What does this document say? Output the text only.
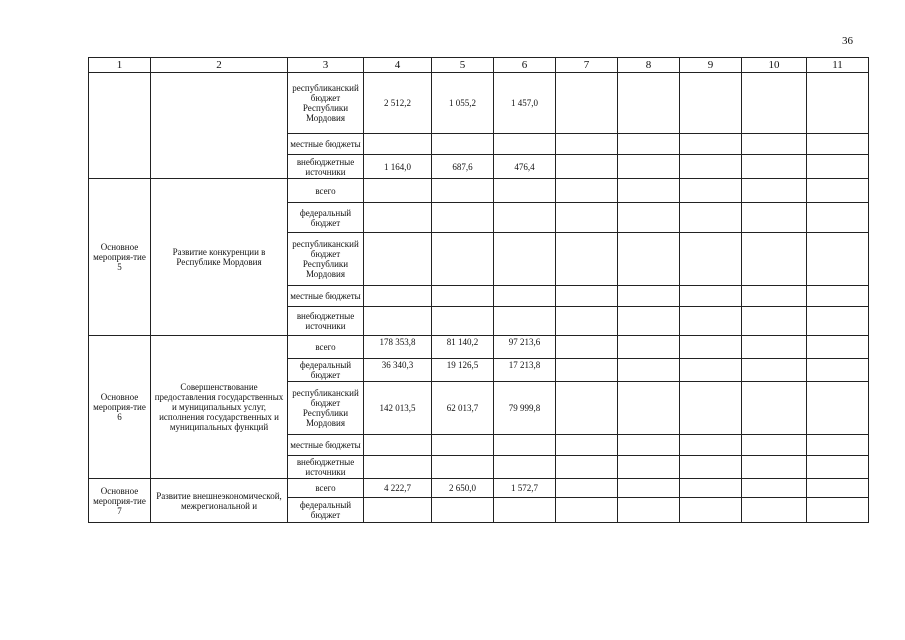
36
1	2	3	4	5	6	7	8	9	10	11
		республиканский бюджет Республики Мордовия	2 512,2	1 055,2	1 457,0					
		местные бюджеты								
		внебюджетные источники	1 164,0	687,6	476,4					
Основное мероприя-тие 5	Развитие конкуренции в Республике Мордовия	всего								
		федеральный бюджет								
		республиканский бюджет Республики Мордовия								
		местные бюджеты								
		внебюджетные источники								
Основное мероприя-тие 6	Совершенствование предоставления государственных и муниципальных услуг, исполнения государственных и муниципальных функций	всего	178 353,8	81 140,2	97 213,6					
		федеральный бюджет	36 340,3	19 126,5	17 213,8					
		республиканский бюджет Республики Мордовия	142 013,5	62 013,7	79 999,8					
		местные бюджеты								
		внебюджетные источники								
Основное мероприя-тие 7	Развитие внешнеэкономической, межрегиональной и	всего	4 222,7	2 650,0	1 572,7					
		федеральный бюджет								
